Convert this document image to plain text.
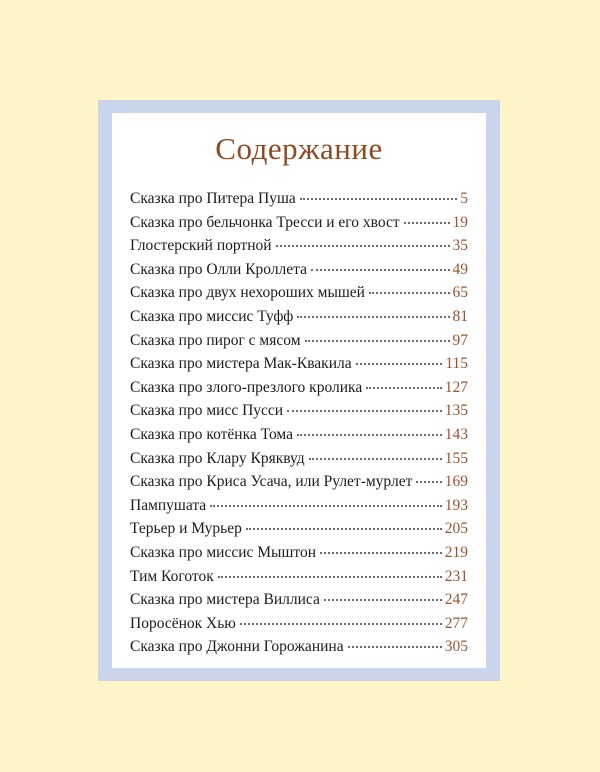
Содержание
Сказка про Питера Пуша	5
Сказка про бельчонка Тресси и его хвост	19
Глостерский портной	35
Сказка про Олли Кроллета	49
Сказка про двух нехороших мышей	65
Сказка про миссис Туфф	81
Сказка про пирог с мясом	97
Сказка про мистера Мак-Квакила	115
Сказка про злого-презлого кролика	127
Сказка про мисс Пусси	135
Сказка про котёнка Тома	143
Сказка про Клару Кряквуд	155
Сказка про Криса Усача, или Рулет-мурлет 169
Пампушата	193
Терьер и Мурьер	205
Сказка про миссис Мыштон	219
Тим Коготок	231
Сказка про мистера Виллиса	247
Поросёнок Хью	277
Сказка про Джонни Горожанина	305
